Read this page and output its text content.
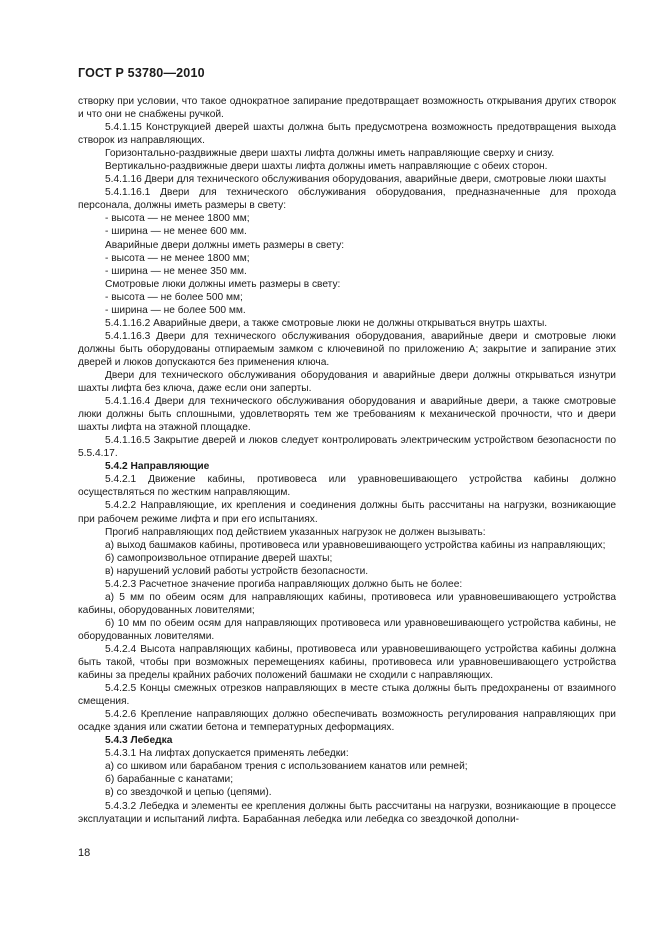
ГОСТ Р 53780—2010

створку при условии, что такое однократное запирание предотвращает возможность открывания других створок и что они не снабжены ручкой.

5.4.1.15 Конструкцией дверей шахты должна быть предусмотрена возможность предотвращения выхода створок из направляющих.

Горизонтально-раздвижные двери шахты лифта должны иметь направляющие сверху и снизу.

Вертикально-раздвижные двери шахты лифта должны иметь направляющие с обеих сторон.

5.4.1.16 Двери для технического обслуживания оборудования, аварийные двери, смотровые люки шахты

5.4.1.16.1 Двери для технического обслуживания оборудования, предназначенные для прохода персонала, должны иметь размеры в свету:

- высота — не менее 1800 мм;

- ширина — не менее 600 мм.

Аварийные двери должны иметь размеры в свету:

- высота — не менее 1800 мм;

- ширина — не менее 350 мм.

Смотровые люки должны иметь размеры в свету:

- высота — не более 500 мм;

- ширина — не более 500 мм.

5.4.1.16.2 Аварийные двери, а также смотровые люки не должны открываться внутрь шахты.

5.4.1.16.3 Двери для технического обслуживания оборудования, аварийные двери и смотровые люки должны быть оборудованы отпираемым замком с ключевиной по приложению А; закрытие и запирание этих дверей и люков допускаются без применения ключа.

Двери для технического обслуживания оборудования и аварийные двери должны открываться изнутри шахты лифта без ключа, даже если они заперты.

5.4.1.16.4 Двери для технического обслуживания оборудования и аварийные двери, а также смотровые люки должны быть сплошными, удовлетворять тем же требованиям к механической прочности, что и двери шахты лифта на этажной площадке.

5.4.1.16.5 Закрытие дверей и люков следует контролировать электрическим устройством безопасности по 5.5.4.17.

5.4.2 Направляющие

5.4.2.1 Движение кабины, противовеса или уравновешивающего устройства кабины должно осуществляться по жестким направляющим.

5.4.2.2 Направляющие, их крепления и соединения должны быть рассчитаны на нагрузки, возникающие при рабочем режиме лифта и при его испытаниях.

Прогиб направляющих под действием указанных нагрузок не должен вызывать:

а) выход башмаков кабины, противовеса или уравновешивающего устройства кабины из направляющих;

б) самопроизвольное отпирание дверей шахты;

в) нарушений условий работы устройств безопасности.

5.4.2.3 Расчетное значение прогиба направляющих должно быть не более:

а) 5 мм по обеим осям для направляющих кабины, противовеса или уравновешивающего устройства кабины, оборудованных ловителями;

б) 10 мм по обеим осям для направляющих противовеса или уравновешивающего устройства кабины, не оборудованных ловителями.

5.4.2.4 Высота направляющих кабины, противовеса или уравновешивающего устройства кабины должна быть такой, чтобы при возможных перемещениях кабины, противовеса или уравновешивающего устройства кабины за пределы крайних рабочих положений башмаки не сходили с направляющих.

5.4.2.5 Концы смежных отрезков направляющих в месте стыка должны быть предохранены от взаимного смещения.

5.4.2.6 Крепление направляющих должно обеспечивать возможность регулирования направляющих при осадке здания или сжатии бетона и температурных деформациях.

5.4.3 Лебедка

5.4.3.1 На лифтах допускается применять лебедки:

а) со шкивом или барабаном трения с использованием канатов или ремней;

б) барабанные с канатами;

в) со звездочкой и цепью (цепями).

5.4.3.2 Лебедка и элементы ее крепления должны быть рассчитаны на нагрузки, возникающие в процессе эксплуатации и испытаний лифта. Барабанная лебедка или лебедка со звездочкой дополни-

18
